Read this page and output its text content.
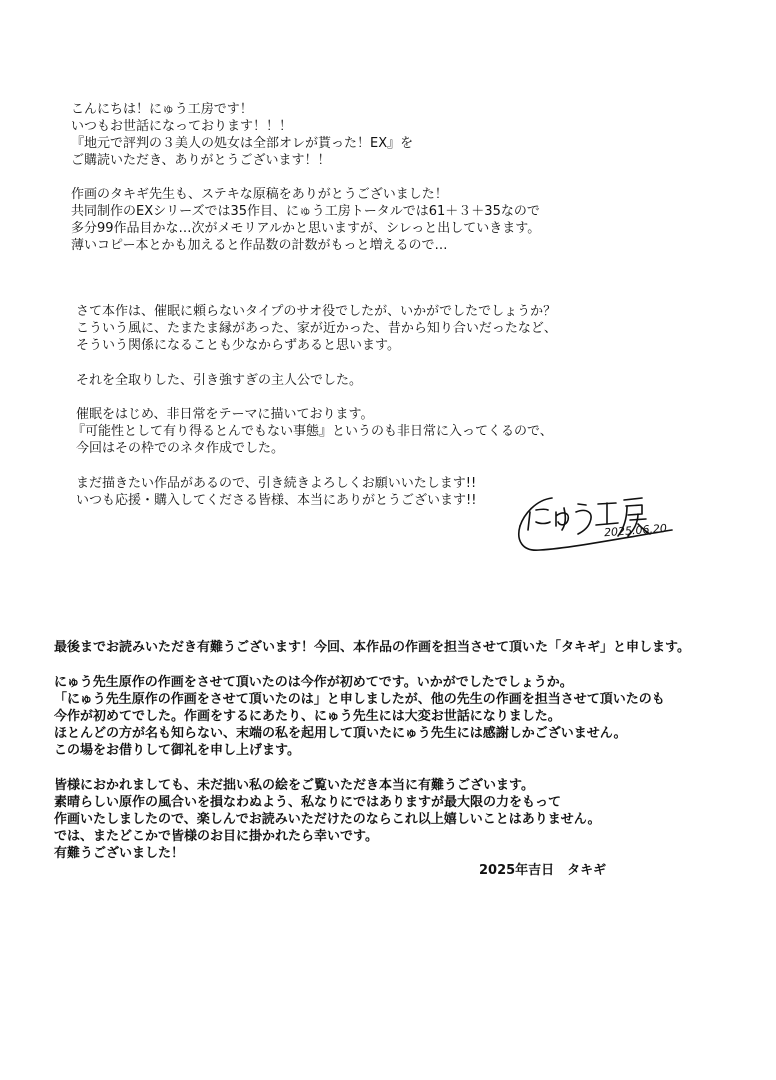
こんにちは！にゅう工房です！
いつもお世話になっております！！！
『地元で評判の３美人の処女は全部オレが貰った！EX』を
ご購読いただき、ありがとうございます！！
作画のタキギ先生も、ステキな原稿をありがとうございました！
共同制作のEXシリーズでは35作目、にゅう工房トータルでは61＋３＋35なので
多分99作品目かな…次がメモリアルかと思いますが、シレっと出していきます。
薄いコピー本とかも加えると作品数の計数がもっと増えるので…
さて本作は、催眠に頼らないタイプのサオ役でしたが、いかがでしたでしょうか？
こういう風に、たまたま縁があった、家が近かった、昔から知り合いだったなど、
そういう関係になることも少なからずあると思います。
それを全取りした、引き強すぎの主人公でした。
催眠をはじめ、非日常をテーマに描いております。
『可能性として有り得るとんでもない事態』というのも非日常に入ってくるので、
今回はその枠でのネタ作成でした。
まだ描きたい作品があるので、引き続きよろしくお願いいたします!!
いつも応援・購入してくださる皆様、本当にありがとうございます!!
2025.06.20
最後までお読みいただき有難うございます！今回、本作品の作画を担当させて頂いた「タキギ」と申します。
にゅう先生原作の作画をさせて頂いたのは今作が初めてです。いかがでしたでしょうか。
「にゅう先生原作の作画をさせて頂いたのは」と申しましたが、他の先生の作画を担当させて頂いたのも
今作が初めてでした。作画をするにあたり、にゅう先生には大変お世話になりました。
ほとんどの方が名も知らない、末端の私を起用して頂いたにゅう先生には感謝しかございません。
この場をお借りして御礼を申し上げます。
皆様におかれましても、未だ拙い私の絵をご覧いただき本当に有難うございます。
素晴らしい原作の風合いを損なわぬよう、私なりにではありますが最大限の力をもって
作画いたしましたので、楽しんでお読みいただけたのならこれ以上嬉しいことはありません。
では、またどこかで皆様のお目に掛かれたら幸いです。
有難うございました！
2025年吉日　タキギ
